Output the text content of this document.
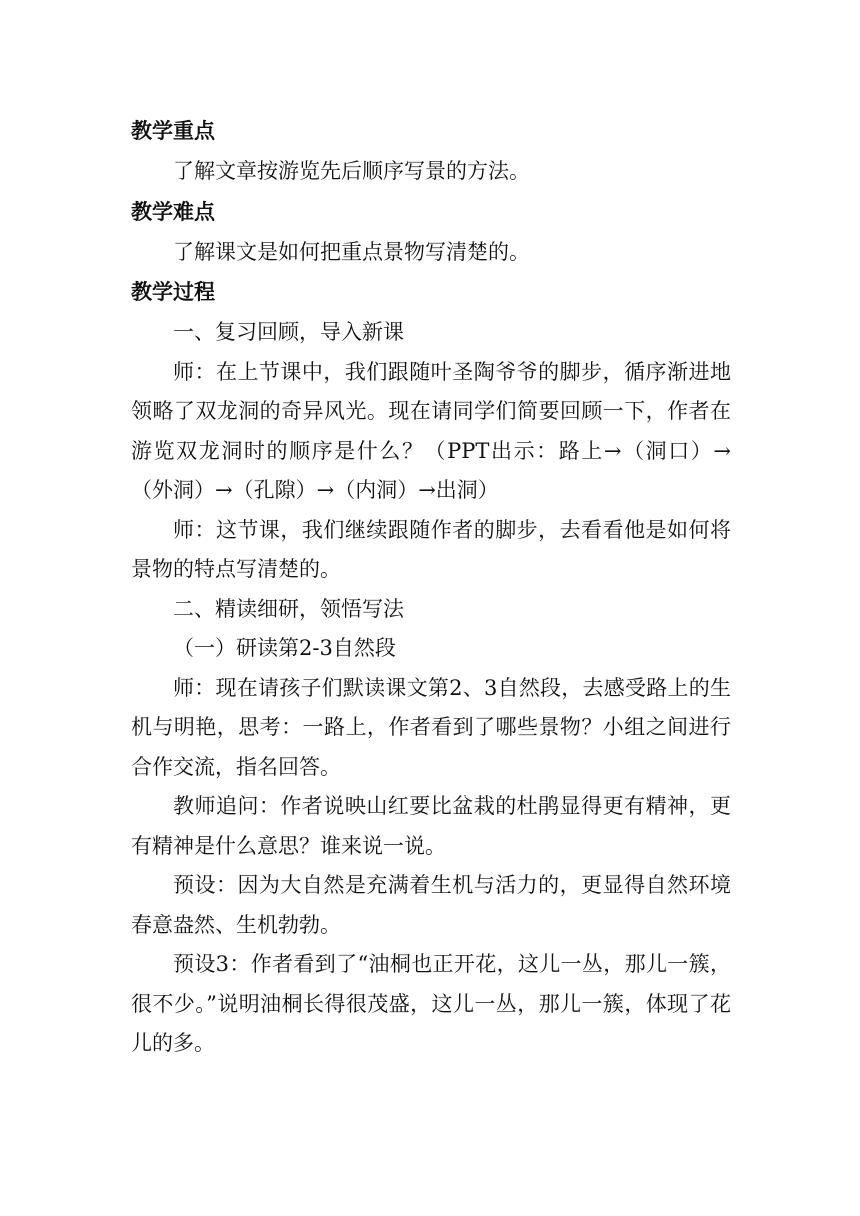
教学重点

了解文章按游览先后顺序写景的方法。

教学难点

了解课文是如何把重点景物写清楚的。

教学过程

一、复习回顾，导入新课

师：在上节课中，我们跟随叶圣陶爷爷的脚步，循序渐进地领略了双龙洞的奇异风光。现在请同学们简要回顾一下，作者在游览双龙洞时的顺序是什么？（PPT出示：路上→（洞口）→（外洞）→（孔隙）→（内洞）→出洞）

师：这节课，我们继续跟随作者的脚步，去看看他是如何将景物的特点写清楚的。

二、精读细研，领悟写法

（一）研读第2-3自然段

师：现在请孩子们默读课文第2、3自然段，去感受路上的生机与明艳，思考：一路上，作者看到了哪些景物？小组之间进行合作交流，指名回答。

教师追问：作者说映山红要比盆栽的杜鹃显得更有精神，更有精神是什么意思？谁来说一说。

预设：因为大自然是充满着生机与活力的，更显得自然环境春意盎然、生机勃勃。

预设3：作者看到了“油桐也正开花，这儿一丛，那儿一簇，很不少。”说明油桐长得很茂盛，这儿一丛，那儿一簇，体现了花儿的多。
